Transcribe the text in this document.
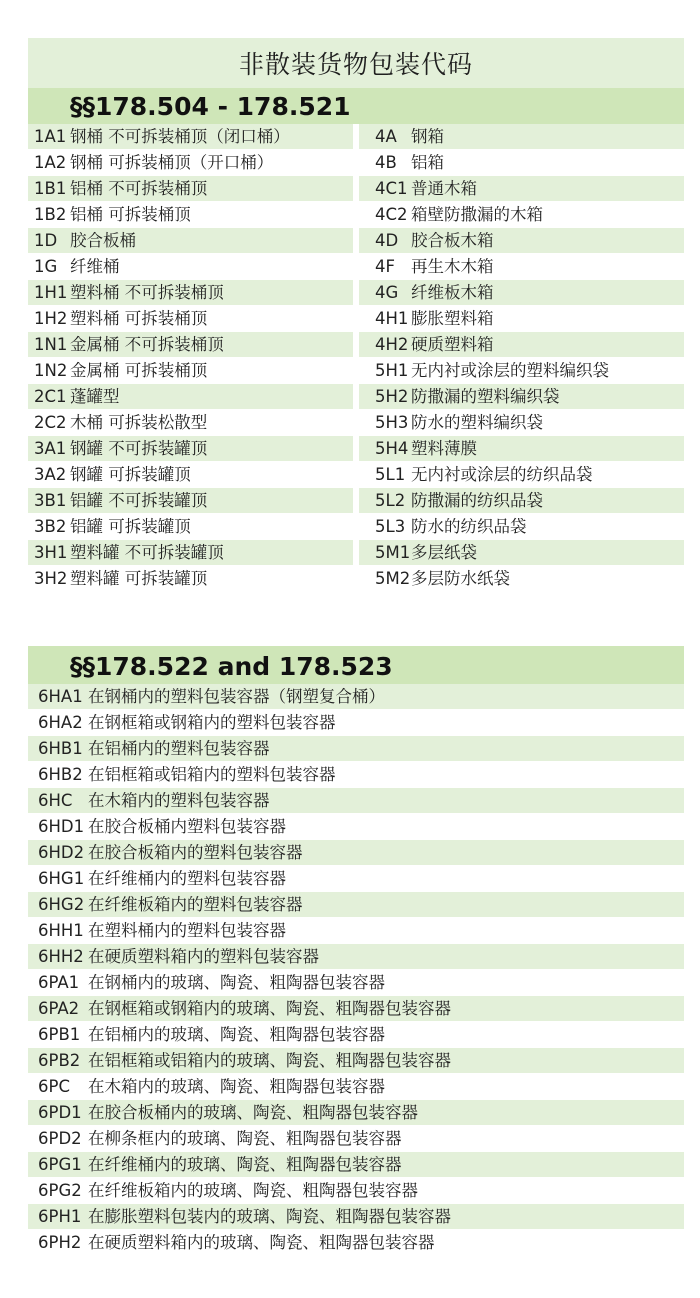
非散装货物包装代码
§§178.504 - 178.521
1A1 钢桶 不可拆装桶顶（闭口桶）	4A 钢箱
1A2 钢桶 可拆装桶顶（开口桶）	4B 铝箱
1B1 铝桶 不可拆装桶顶	4C1 普通木箱
1B2 铝桶 可拆装桶顶	4C2 箱壁防撒漏的木箱
1D 胶合板桶	4D 胶合板木箱
1G 纤维桶	4F 再生木木箱
1H1 塑料桶 不可拆装桶顶	4G 纤维板木箱
1H2 塑料桶 可拆装桶顶	4H1 膨胀塑料箱
1N1 金属桶 不可拆装桶顶	4H2 硬质塑料箱
1N2 金属桶 可拆装桶顶	5H1 无内衬或涂层的塑料编织袋
2C1 蓬罐型	5H2 防撒漏的塑料编织袋
2C2 木桶 可拆装松散型	5H3 防水的塑料编织袋
3A1 钢罐 不可拆装罐顶	5H4 塑料薄膜
3A2 钢罐 可拆装罐顶	5L1 无内衬或涂层的纺织品袋
3B1 铝罐 不可拆装罐顶	5L2 防撒漏的纺织品袋
3B2 铝罐 可拆装罐顶	5L3 防水的纺织品袋
3H1 塑料罐 不可拆装罐顶	5M1多层纸袋
3H2 塑料罐 可拆装罐顶	5M2多层防水纸袋
§§178.522 and 178.523
6HA1 在钢桶内的塑料包装容器（钢塑复合桶）
6HA2 在钢框箱或钢箱内的塑料包装容器
6HB1 在铝桶内的塑料包装容器
6HB2 在铝框箱或铝箱内的塑料包装容器
6HC 在木箱内的塑料包装容器
6HD1 在胶合板桶内塑料包装容器
6HD2 在胶合板箱内的塑料包装容器
6HG1 在纤维桶内的塑料包装容器
6HG2 在纤维板箱内的塑料包装容器
6HH1 在塑料桶内的塑料包装容器
6HH2 在硬质塑料箱内的塑料包装容器
6PA1 在钢桶内的玻璃、陶瓷、粗陶器包装容器
6PA2 在钢框箱或钢箱内的玻璃、陶瓷、粗陶器包装容器
6PB1 在铝桶内的玻璃、陶瓷、粗陶器包装容器
6PB2 在铝框箱或铝箱内的玻璃、陶瓷、粗陶器包装容器
6PC 在木箱内的玻璃、陶瓷、粗陶器包装容器
6PD1 在胶合板桶内的玻璃、陶瓷、粗陶器包装容器
6PD2 在柳条框内的玻璃、陶瓷、粗陶器包装容器
6PG1 在纤维桶内的玻璃、陶瓷、粗陶器包装容器
6PG2 在纤维板箱内的玻璃、陶瓷、粗陶器包装容器
6PH1 在膨胀塑料包装内的玻璃、陶瓷、粗陶器包装容器
6PH2 在硬质塑料箱内的玻璃、陶瓷、粗陶器包装容器
